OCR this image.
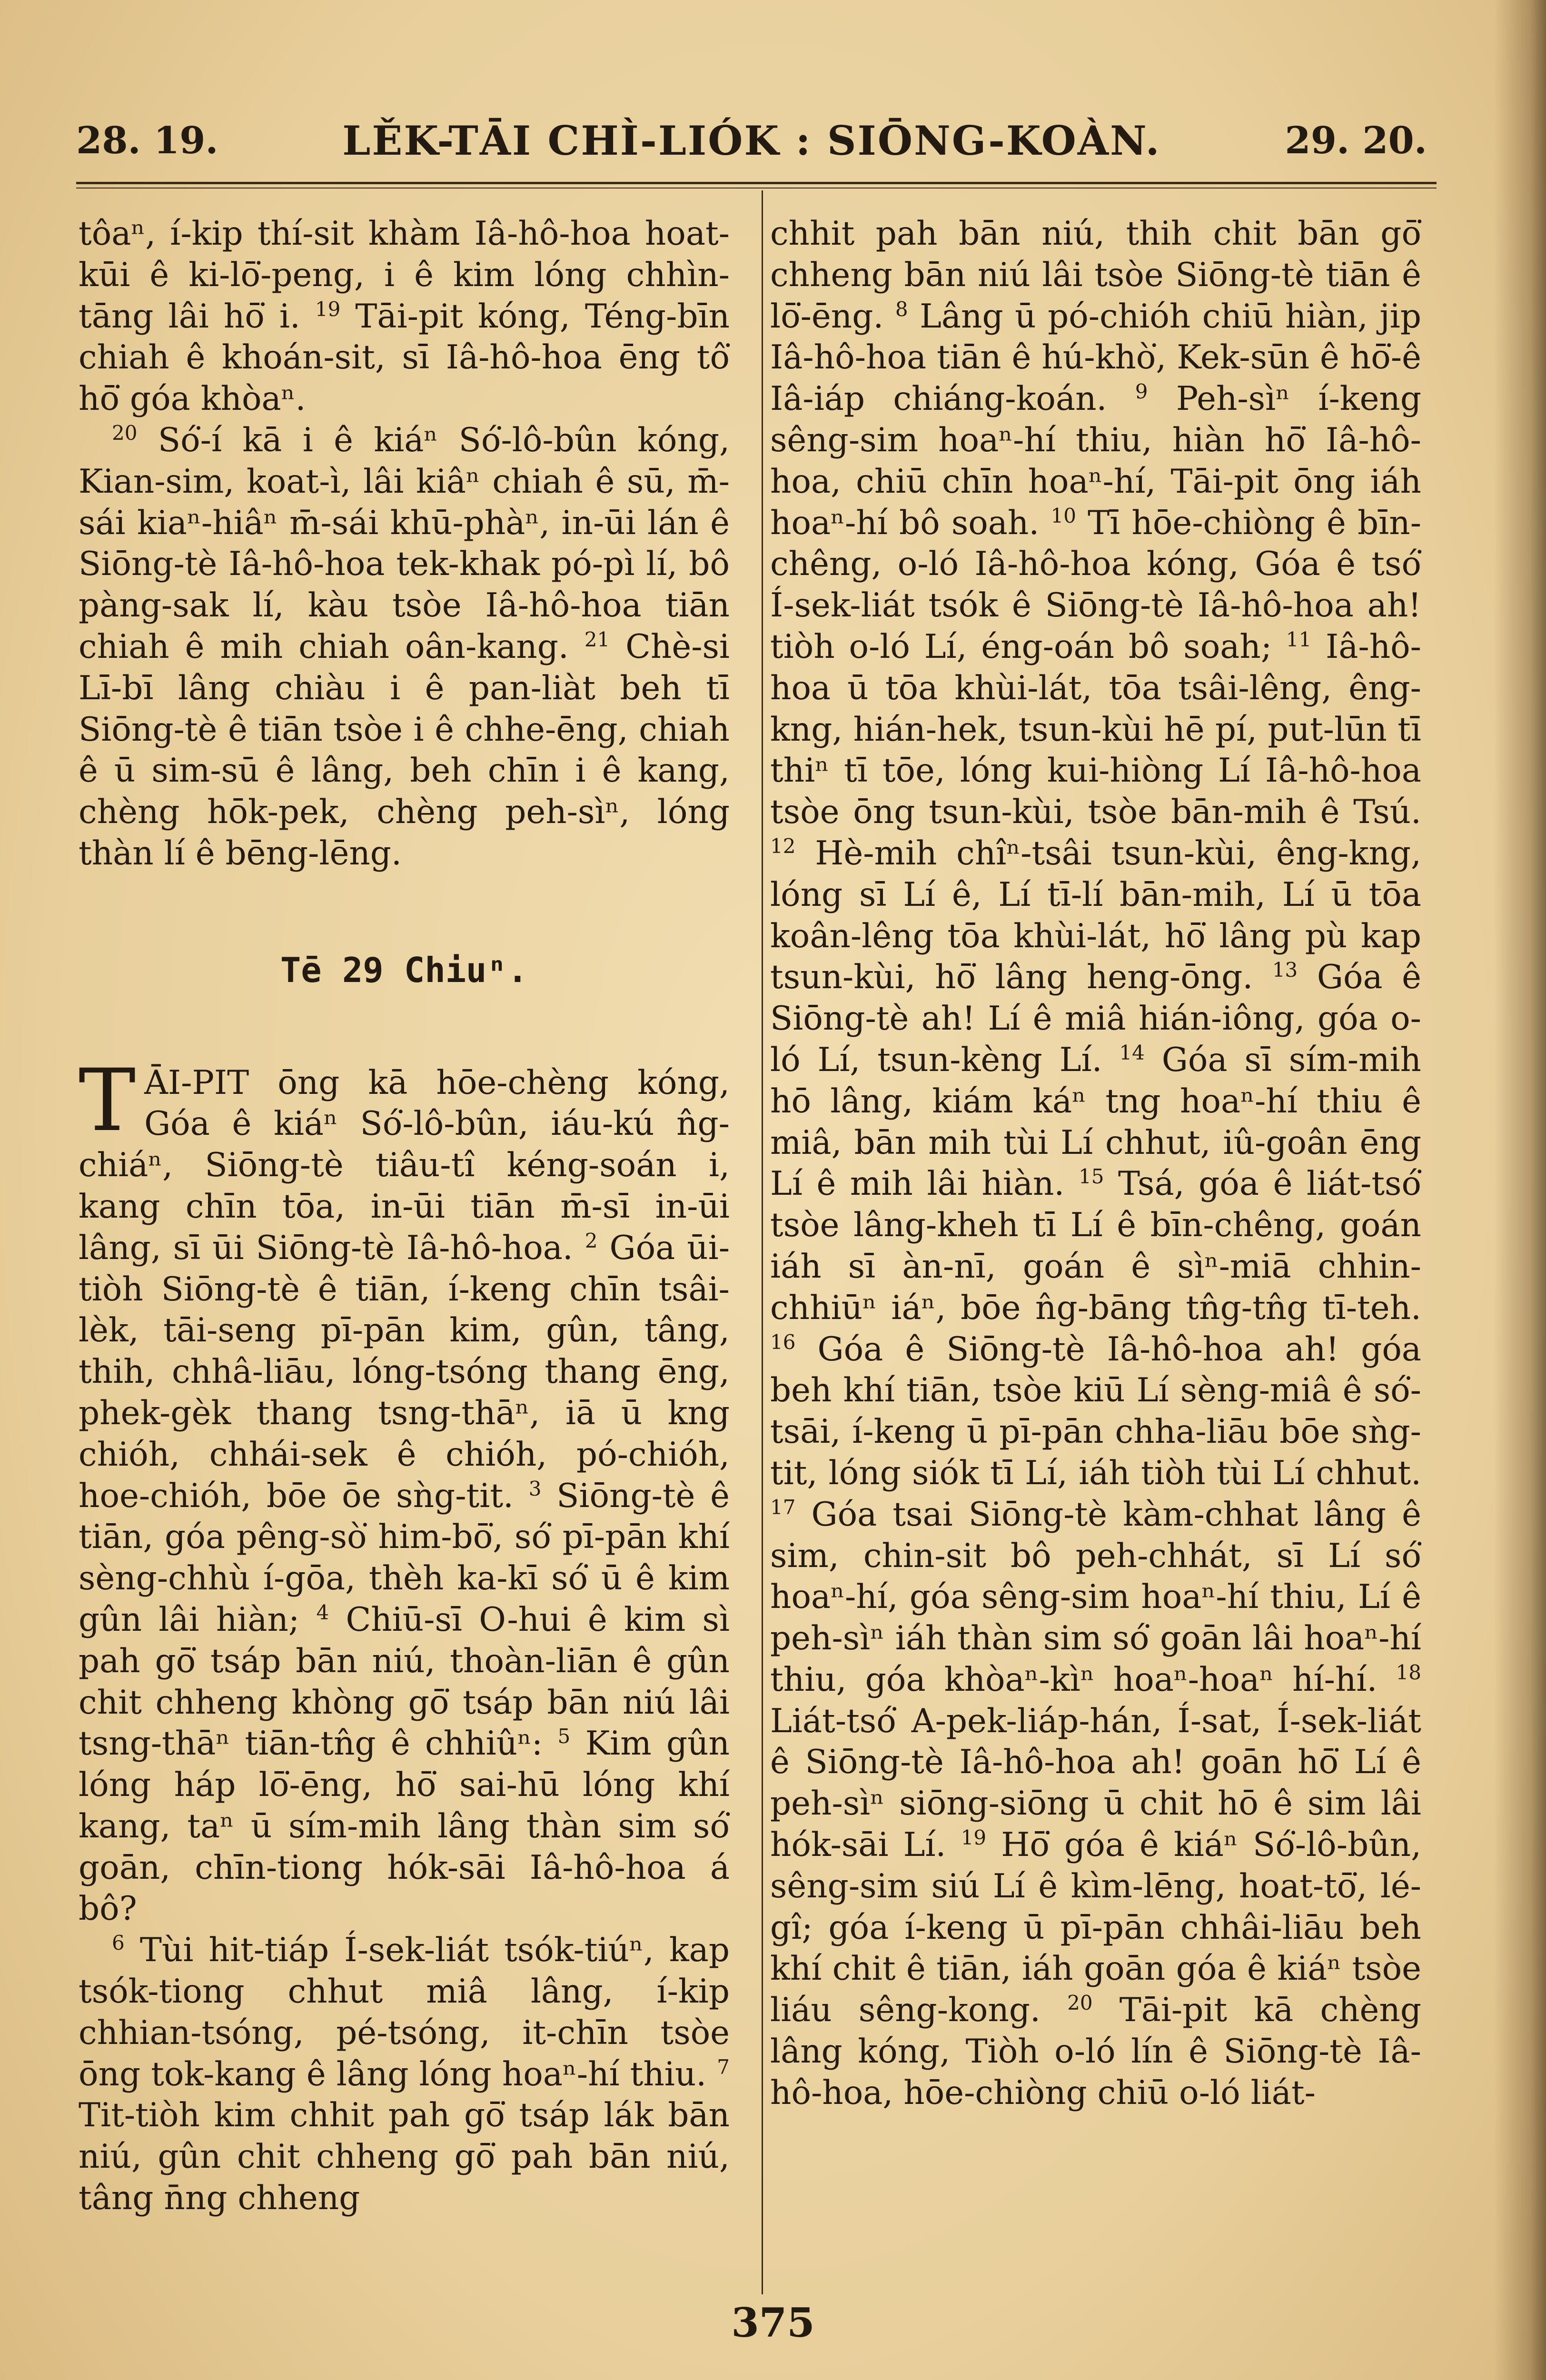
28. 19.	LĚK-TĀI CHÌ-LIÓK : SIŌNG-KOÀN.	29. 20.

tôaⁿ, í-kip thí-sit khàm Iâ-hô-hoa hoat-kūi ê ki-lō͘-peng, i ê kim lóng chhìn-tāng lâi hō͘ i. $^{19}$ Tāi-pit kóng, Téng-bīn chiah ê khoán-sit, sī Iâ-hô-hoa ēng tô͘ hō͘ góa khòaⁿ.

$^{20}$ Só͘-í kā i ê kiáⁿ Só͘-lô-bûn kóng, Kian-sim, koat-ì, lâi kiâⁿ chiah ê sū, m̄-sái kiaⁿ-hiâⁿ m̄-sái khū-phàⁿ, in-ūi lán ê Siōng-tè Iâ-hô-hoa tek-khak pó-pì lí, bô pàng-sak lí, kàu tsòe Iâ-hô-hoa tiān chiah ê mih chiah oân-kang. $^{21}$ Chè-si Lī-bī lâng chiàu i ê pan-liàt beh tī Siōng-tè ê tiān tsòe i ê chhe-ēng, chiah ê ū sim-sū ê lâng, beh chīn i ê kang, chèng hōk-pek, chèng peh-sìⁿ, lóng thàn lí ê bēng-lēng.

Tē 29 Chiuⁿ.

T ĀI-PIT ōng kā hōe-chèng kóng, Góa ê kiáⁿ Só͘-lô-bûn, iáu-kú n̂g-chiáⁿ, Siōng-tè tiâu-tî kéng-soán i, kang chīn tōa, in-ūi tiān m̄-sī in-ūi lâng, sī ūi Siōng-tè Iâ-hô-hoa. $^2$ Góa ūi-tiòh Siōng-tè ê tiān, í-keng chīn tsâi-lèk, tāi-seng pī-pān kim, gûn, tâng, thih, chhâ-liāu, lóng-tsóng thang ēng, phek-gèk thang tsng-thāⁿ, iā ū kng chióh, chhái-sek ê chióh, pó-chióh, hoe-chióh, bōe ōe sǹg-tit. $^3$ Siōng-tè ê tiān, góa pêng-sò͘ him-bō͘, só͘ pī-pān khí sèng-chhù í-gōa, thèh ka-kī só͘ ū ê kim gûn lâi hiàn; $^4$ Chiū-sī O-hui ê kim sì pah gō͘ tsáp bān niú, thoàn-liān ê gûn chit chheng khòng gō͘ tsáp bān niú lâi tsng-thāⁿ tiān-tn̂g ê chhiûⁿ: $^5$ Kim gûn lóng háp lō͘-ēng, hō͘ sai-hū lóng khí kang, taⁿ ū sím-mih lâng thàn sim só͘ goān, chīn-tiong hók-sāi Iâ-hô-hoa á bô?

$^6$ Tùi hit-tiáp Í-sek-liát tsók-tiúⁿ, kap tsók-tiong chhut miâ lâng, í-kip chhian-tsóng, pé-tsóng, it-chīn tsòe ōng tok-kang ê lâng lóng hoaⁿ-hí thiu. $^7$ Tit-tiòh kim chhit pah gō͘ tsáp lák bān niú, gûn chit chheng gō͘ pah bān niú, tâng n̄ng chheng

chhit pah bān niú, thih chit bān gō͘ chheng bān niú lâi tsòe Siōng-tè tiān ê lō͘-ēng. $^8$ Lâng ū pó-chióh chiū hiàn, jip Iâ-hô-hoa tiān ê hú-khò͘, Kek-sūn ê hō͘-ê Iâ-iáp chiáng-koán. $^9$ Peh-sìⁿ í-keng sêng-sim hoaⁿ-hí thiu, hiàn hō͘ Iâ-hô-hoa, chiū chīn hoaⁿ-hí, Tāi-pit ōng iáh hoaⁿ-hí bô soah. $^{10}$ Tī hōe-chiòng ê bīn-chêng, o-ló Iâ-hô-hoa kóng, Góa ê tsó͘ Í-sek-liát tsók ê Siōng-tè Iâ-hô-hoa ah! tiòh o-ló Lí, éng-oán bô soah; $^{11}$ Iâ-hô-hoa ū tōa khùi-lát, tōa tsâi-lêng, êng-kng, hián-hek, tsun-kùi hē pí, put-lūn tī thiⁿ tī tōe, lóng kui-hiòng Lí Iâ-hô-hoa tsòe ōng tsun-kùi, tsòe bān-mih ê Tsú. $^{12}$ Hè-mih chîⁿ-tsâi tsun-kùi, êng-kng, lóng sī Lí ê, Lí tī-lí bān-mih, Lí ū tōa koân-lêng tōa khùi-lát, hō͘ lâng pù kap tsun-kùi, hō͘ lâng heng-ōng. $^{13}$ Góa ê Siōng-tè ah! Lí ê miâ hián-iông, góa o-ló Lí, tsun-kèng Lí. $^{14}$ Góa sī sím-mih hō lâng, kiám káⁿ tng hoaⁿ-hí thiu ê miâ, bān mih tùi Lí chhut, iû-goân ēng Lí ê mih lâi hiàn. $^{15}$ Tsá, góa ê liát-tsó͘ tsòe lâng-kheh tī Lí ê bīn-chêng, goán iáh sī àn-nī, goán ê sìⁿ-miā chhin-chhiūⁿ iáⁿ, bōe n̂g-bāng tn̂g-tn̂g tī-teh. $^{16}$ Góa ê Siōng-tè Iâ-hô-hoa ah! góa beh khí tiān, tsòe kiū Lí sèng-miâ ê só͘-tsāi, í-keng ū pī-pān chha-liāu bōe sǹg-tit, lóng siók tī Lí, iáh tiòh tùi Lí chhut. $^{17}$ Góa tsai Siōng-tè kàm-chhat lâng ê sim, chin-sit bô peh-chhát, sī Lí só͘ hoaⁿ-hí, góa sêng-sim hoaⁿ-hí thiu, Lí ê peh-sìⁿ iáh thàn sim só͘ goān lâi hoaⁿ-hí thiu, góa khòaⁿ-kìⁿ hoaⁿ-hoaⁿ hí-hí. $^{18}$ Liát-tsó͘ A-pek-liáp-hán, Í-sat, Í-sek-liát ê Siōng-tè Iâ-hô-hoa ah! goān hō͘ Lí ê peh-sìⁿ siōng-siōng ū chit hō ê sim lâi hók-sāi Lí. $^{19}$ Hō͘ góa ê kiáⁿ Só͘-lô-bûn, sêng-sim siú Lí ê kìm-lēng, hoat-tō͘, lé-gî; góa í-keng ū pī-pān chhâi-liāu beh khí chit ê tiān, iáh goān góa ê kiáⁿ tsòe liáu sêng-kong. $^{20}$ Tāi-pit kā chèng lâng kóng, Tiòh o-ló lín ê Siōng-tè Iâ-hô-hoa, hōe-chiòng chiū o-ló liát-

375
